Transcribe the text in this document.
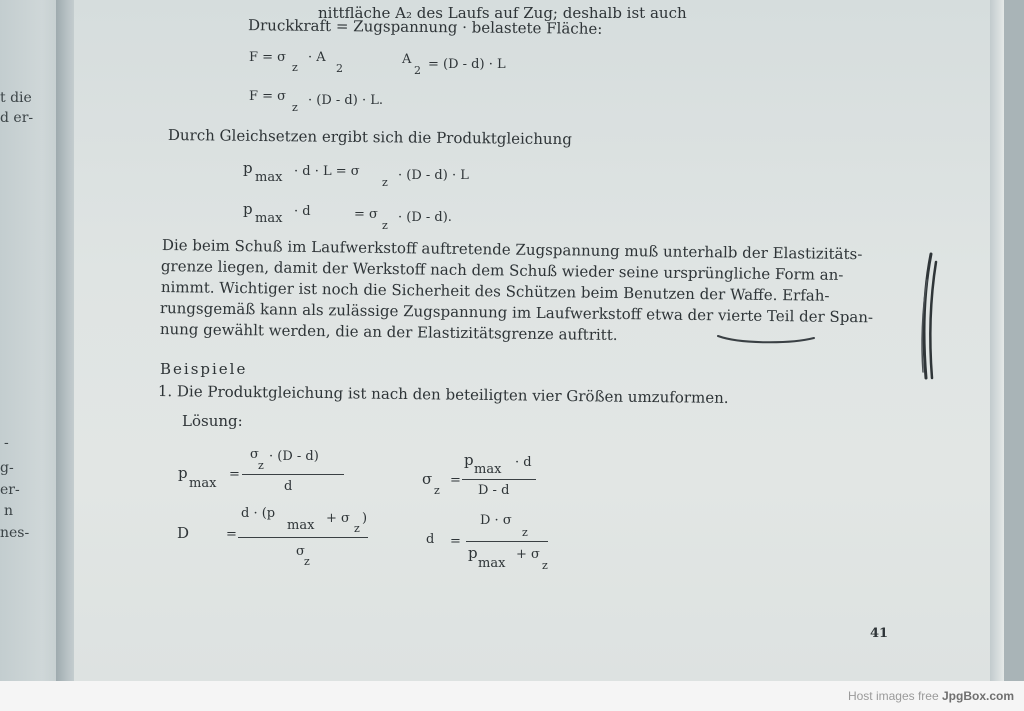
t die
d er-
-
g-
er-
n
nes-
nittfläche A₂ des Laufs auf Zug; deshalb ist auch
Druckkraft = Zugspannung · belastete Fläche:
F = σ
z
· A
2
A
2 = (D - d) · L
F = σ
z · (D - d) · L.
Durch Gleichsetzen ergibt sich die Produktgleichung
p
max · d · L = σ
z · (D - d) · L
p
max · d	= σ
z
· (D - d).
Die beim Schuß im Laufwerkstoff auftretende Zugspannung muß unterhalb der Elastizitäts-
grenze liegen, damit der Werkstoff nach dem Schuß wieder seine ursprüngliche Form an-
nimmt. Wichtiger ist noch die Sicherheit des Schützen beim Benutzen der Waffe. Erfah-
rungsgemäß kann als zulässige Zugspannung im Laufwerkstoff etwa der vierte Teil der Span-
nung gewählt werden, die an der Elastizitätsgrenze auftritt.
Beispiele
1. Die Produktgleichung ist nach den beteiligten vier Größen umzuformen.
Lösung:
p
max
=
σ
z
· (D - d)
d	σ
z
=
p
max · d
D - d
D	=
d · (p
max + σ
z
)
σ
z
d =
D · σ
z
p
max
+ σ
z
41
Host images free JpgBox.com
